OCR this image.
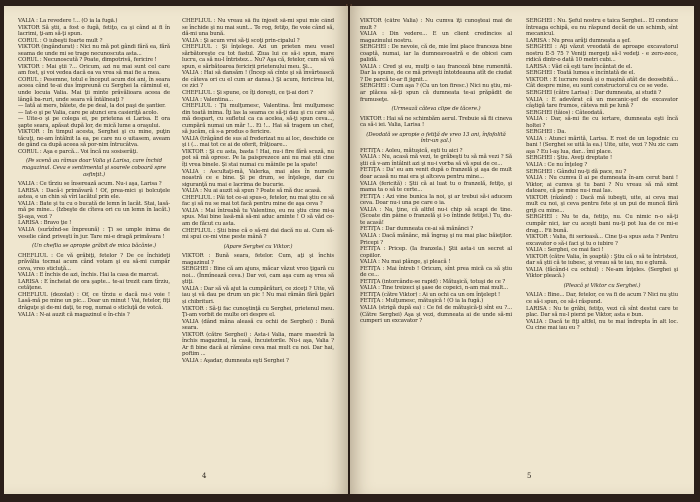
VALIA : La revedere !... (O ia la fugă.)

VIKTOR Să ştii, a fost o fugă, fetiţo, ca şi când ai fi în lacrimi, ţi-am să-ţi spun.

CORUL : O iubeşti foarte mult ?

VIKTOR (ingândurat) : Nici nu mă pot gândi fără ea, fără seama de unde mi se trage necunoscuta asta...

CORUL : Necunoscută ? Poate, dimpotrivă, fericire !

VIKTOR : Mai ştii ?... Oricum, azi nu mai sunt cel care am fost, şi voi vedea dacă ea va vrea să mai fie a mea.

CORUL : Pesemne, totul e început acum doi ani, în seara aceea când te-ai dus împreună cu Serghei la căminul ei, unde locuia Valia. Mai ţii minte prăvălioara aceea de lângă ba-ruri, unde seara vă întâlneaţi ?

— Iată ai mers, băiete, de pe deal, la doi paşi de şantier.

— Iat-o şi pe Valia, care pe atunci era casieriţă acolo.

— Uite-o şi pe colega ei, pe prietena ei Larisa. E ora şapte seara, apăsat după lor, de mică lume a oraşului.

VIKTOR : În timpul acesta, Serghei şi cu mine, puţin tăcuţi, ne-am întâlnit la ea, pe care nu o uitasem, aveam de gând ca după aceea să por-nim întrucâtva.

CORUL : Aşa e parcă... Voi încă nu sosiserăţi.

(Pe scenă au rămas doar Valia şi Larisa, care închid magazinul. Ceva e sentimental şi soarele coboară spre asfinţit.)

VALIA : Ce tîrziu se înserează acum. Nu-i aşa, Larisa ?

LARISA : Dacă-i primăvară ! Of, prea-mici şi bolcuţele astea, e un chin să vîri lacătul prin ele.

VALIA : Bate şi tu cu o bucată de lemn în lacăt. Stai, lasă-mă pe mine... (Izbeşte de cîteva ori cu un lemn în lacăt.) Şi-aşa, vezi ?

LARISA : Bravo ţie !

VALIA (surîzînd-se împreună) : Ţi se umple inima de veselie când priveşti în jur. Tare mi-e dragă primăvara !

(Un cheflia se apropie grăbit de mica băcănie.)

CHEFLIUL : Ce vă grăbiţi, fetelor ? De ce închideţi prăvălia tocmai acum când votam şi eu să-mi cumpăr ceva, vreo sticluţă...

VALIA : E închis de azi, închis. Hai la casa de marcat.

LARISA : E încheiat de ora şapte... te-ai trezit cam tîrziu, cetăţene.

CHEFLIUL (dezolat) : Of, ce tîrziu e dacă nu-i voie ! Lasă-mă pe mine un pic... Doar un minut ! Vai, fetelor, fiţi drăguţe şi de-mi daţi, te rog, numai o sticluţă de votcă.

VALIA : N-ai auzit că magazinul e în-chis ?

CHEFLIUL : Nu vreau să fiu înjosit să-mi spui mie când se închide şi nu mai sunt... Te rog, fetiţo, fie voie când să, dă-mi una bună.

VALIA : Şi acum vrei să-ţi scoţi prin-cipalul ?

CHEFLIUL : Şi înţelege. Azi un prieten meu vesel sărbătoreşte cu tot fastul. Ziua lui ce să-i spun, mare lucru, ca să nu-l întristez... Nu? Aşa că, fetelor, cum să vă spun, e sărbătoarea fericirii prietenului meu. Şi...

VALIA : Hai să dansăm ! (Încep să cînte şi să învârtească de câteva ori cu el cum ar dansa.) Şi acum, fericirea lui, ce zici ?

CHEFLIUL : Şi spune, ce îţi doreşti, ce ţi-ai dori ?

VALIA : Valentina...

CHEFLIUL : Ţii mulţumesc, Valentina. Îmi mulţumesc din toată inima. Îţi las la seama ce să-ţi dau şi cu care să mă despart, cu sufletul ca ca acelea, să-ţi spun ceva..., cumpără numai un măr !... Ei !... Hai să tragem un chef, să jucăm, că s-a produs o fericire.

VALIA (trăgând de sus al frederizat nu ai loc, deschide ce şi i (... mai tot ce ai de oferit, frăţioare...

VIKTOR : Şi cu asta, basta ! Hai, nu-i fire fără scuză, nu pot să mă opresc. Pe la paisprezece ani nu mai știi cine îți vrea binele. Și stai numai cu mâinile pe la spate!

VALIA : Ascultaţi-mă, Valerka, mai ales în numele noastră ce e bine. Şi pe drum, se înţelege, dar cu siguranţă nu mai e lacrima de bucurie.

VALIA : Nu ai auzit să spun ? Poate să mă duc acasă.

CHEFLIUL : Păi tot ce-ai spus-o, fetelor, nu mai ştiu ce să fac şi să nu se mai tot facă pentru mine de aşa ceva ?

VALIA : Mai întreabă tu Valentino, eu nu ştiu cine mi-a spus. Mai bine lasă-mă să-mi aduc aminte ! O să văd ce-am de făcut cu asta.

CHEFLIUL : Ştii bine că o să-mi dai dacă nu ai. Cum să-mi spui ce-mi vine peste mână ?

(Apare Serghei cu Viktor.)

VIKTOR : Bună seara, fetelor. Cum, aţi şi închis magazinul ?

SERGHEI : Bine că am ajuns, măcar văzut vreo ţigară cu noi... (Înmînează ceva.) Dar voi, cam aşa cum aş vrea să ştiţi.

VALIA : Dar să vă ajut la cumpărături, ce ziceţi ? Uite, vă iau şi vă dau pe drum un pic ! Nu mai rămân fără ţigări și chibrituri.

VIKTOR : Să-ţi fac cunoştinţă cu Serghei, prietenul meu. Ţi-am vorbit de multe ori despre el.

VALIA (dând mâna aleasă cu ochii de Serghei) : Bună seara.

VIKTOR (către Serghei) : Asta-i Valia, mare maestră la închis magazinul, la casă, încuietorile. Nu-i aşa, Valia ? Ar fi bine dacă ai rămâne ceva mai mult cu noi. Dar hai, poftim ...

VALIA : Aşadar, dumneata eşti Serghei ?

4

VIKTOR (către Valia) : Nu cumva îţi cunoşteai mai de mult ?

VALIA : Din vedere... E un client credincios al magazinului nostru.

SERGHEI : De nevoie, că de, mie îmi place franceza bine coaptă, numai, iar la dumneavoastră e de obicei cam palidă.

VALIA : Cred şi eu, mulţi o iau franceză bine rumenită. Dar la spune, de ce mă priveşti întotdeauna atît de ciudat ? De parcă te-ar fi jignit...

SERGHEI : Cum aşa ? (Cu un ton firesc.) Nici nu ştiu, mi-ar plăcea să-ţi spun că dumneata te-ai prăpădit de frumuseţe.

(Urmează câteva clipe de tăcere.)

VIKTOR : Hai să ne schimbăm aerul. Trebuie să fii cineva ca să-i iei. Valia, Larisa !

(Deodată se apropie o fetiţă de vreo 13 ani, înfofolită într-un şal.)

FETIŢA : Aoleu, mătuşică, eşti tu aici ?

VALIA : Nu, acasă mă vezi, te grăbeşti tu să mă vezi ? Să ştii că v-am întâlnit azi şi nu-i vorba să vă spui de ce...

FETIŢA : Da' eu am venit după o franzelă şi aşa de mult doar acasă nu mai era şi altceva pentru mine...

VALIA (fericită) : Ştii că ai luat tu o franzelă, fetiţo, şi mama ta o să te certe...

FETIŢA : Azi vine bunica la noi, şi ar trebui să-i aducem ceva. Doar nu-i una pe care o ia.

VALIA : Na, ţine, că altfel nu-i chip să scapi de tine. (Scoate din pâine o franzelă şi i-o întinde fetiţei.) Tu, du-te acasă!

FETIŢA : Dar dumneata ce-ai să mănânci ?

VALIA : Dacă mănânc, mă îngraş şi nu mai plac băieţilor. Pricepi ?

FETIŢA : Pricep. (Ia franzela.) Ştii asta-i un secret al copiilor.

VALIA : Nu mai plânge, şi pleacă !

FETIŢA : Mai întreb ! Oricum, sînt prea mică ca să ştiu de ce...

FETIŢA (intorcându-se rapid) : Mătuşică, totuşi de ce ?

VALIA : Tine treizeci şi şase de copeici, n-am mai mult...

FETIŢA (către Viktor) : Ai un ochi ca un om înţelept !

FETIŢA : Mulţumesc, mătuşică ! (O ia la fugă.)

VALIA (strigă după ea) : Ce fel de mătuşică-ţi sînt eu ?... (Către Serghei) Aşa şi vezi, dumneata ai de unde să-mi cumperi un excavator ?

SERGHEI : Nu. Şeful nostru e taica Serghei... El conduce întreaga echipă, eu nu răspund decât de un schimb, sînt mecanicul.

LARISA : Nu prea arăţi dumneata a şef.

SERGHEI : Aţi văzut vreodată de aproape excavatorul nostru E-5 75 ? Veniţi mergeţi să-l vedeţi - e zero-zece, ridică dintr-o dată 10 metri cubi...

LARISA : Văd că eşti tare încântat de el.

SERGHEI : Toată lumea e încîntată de el.

VIKTOR : E lucrare nouă și o mașină atât de deosebită... Cât despre mine, eu sunt constructorul cu ce se vede.

SERGHEI (către Larisa) : Dar dumneata, ai studii ?

VALIA : E adevărat că un mecanic-şef de excavator câştigă tare frumos, câteva mii pe lună ?

SERGHEI (tăios) : Câteodată.

VALIA : Dar, să-mi fie cu iertare, dumneata eşti încă holtei ?

SERGHEI : Da.

VALIA : Atunci mărită, Larisa. E rost de un logodnic cu bani ! (Serghei se uită la ea.) Uite, uite, vezi ? Nu zic cam aşa ? Eu l-aş lua, dar... îmi place.

SERGHEI : Ştiu. Aveţi dreptate !

VALIA : Ce nu înţeleg ?

SERGHEI : Gândul nu-ţi dă pace, nu ?

VALIA : Nu cumva îl ai pe dumneata în-am cerut bani ! Viktor, ai cumva şi tu bani ? Nu vreau să mă simt datoare, că pe mine nu-i mai las.

VIKTOR (râzând) : Dacă mă iubeşti, uite, ai ceva mai mult cu noi, şi ceva pentru fete și un pui de muncă fără griji cu mine...

SERGHEI : Nu te da, fetiţo, nu. Cu nimic n-o să-ţi cumpăr nici, iar cu aceşti bani nu-ţi pot lua de ce mi-e drag... Fii bună.

VIKTOR : Valia, fii serioasă... Cine ţi-a spus asta ? Pentru excavator o să-i faci şi tu o iubire ?

VALIA : Serghei, ce mai faci !

VIKTOR (către Valia, în şoaptă) : Ştiu că o să te întristezi, dar să ştii că te iubesc, şi vreau să te iau, nu e glumă.

VALIA (făcând-i cu ochiul) : Ne-am înţeles. (Serghei şi Viktor pleacă.)

(Pleacă şi Viktor cu Serghei.)

VALIA : Bine... Dar, fetelor, ce va fi de acum ? Nici nu ştiu ce să-i spun, ce să-i răspund.

LARISA : Nu te grăbi, fetiţo, vezi că sînt destui care te plac. Dar să nu-l pierzi pe Viktor, asta e bun.

VALIA : Dacă te fiţi altfel, nu te mai îndrepta în alt loc. Cu cine mai iau eu ?

5
